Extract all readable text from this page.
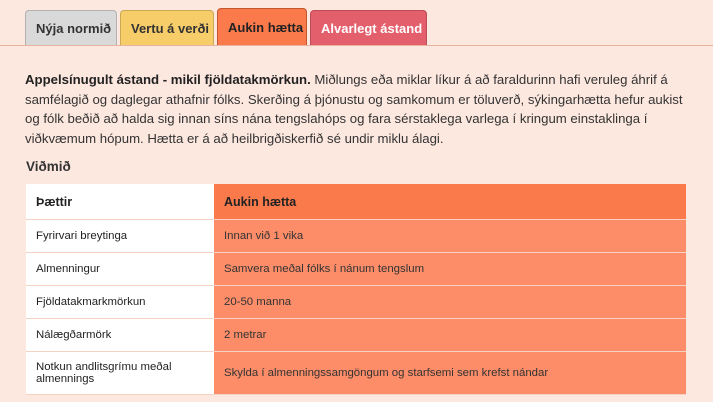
Nýja normið	Vertu á verði	Aukin hætta	Alvarlegt ástand

Appelsínugult ástand - mikil fjöldatakmörkun. Miðlungs eða miklar líkur á að faraldurinn hafi veruleg áhrif á samfélagið og daglegar athafnir fólks. Skerðing á þjónustu og samkomum er töluverð, sýkingarhætta hefur aukist og fólk beðið að halda sig innan síns nána tengslahóps og fara sérstaklega varlega í kringum einstaklinga í viðkvæmum hópum. Hætta er á að heilbrigðiskerfið sé undir miklu álagi.

Viðmið
Þættir	Aukin hætta
Fyrirvari breytinga	Innan við 1 vika
Almenningur	Samvera meðal fólks í nánum tengslum
Fjöldatakmarkmörkun	20-50 manna
Nálægðarmörk	2 metrar
Notkun andlitsgrímu meðal almennings	Skylda í almenningssamgöngum og starfsemi sem krefst nándar
